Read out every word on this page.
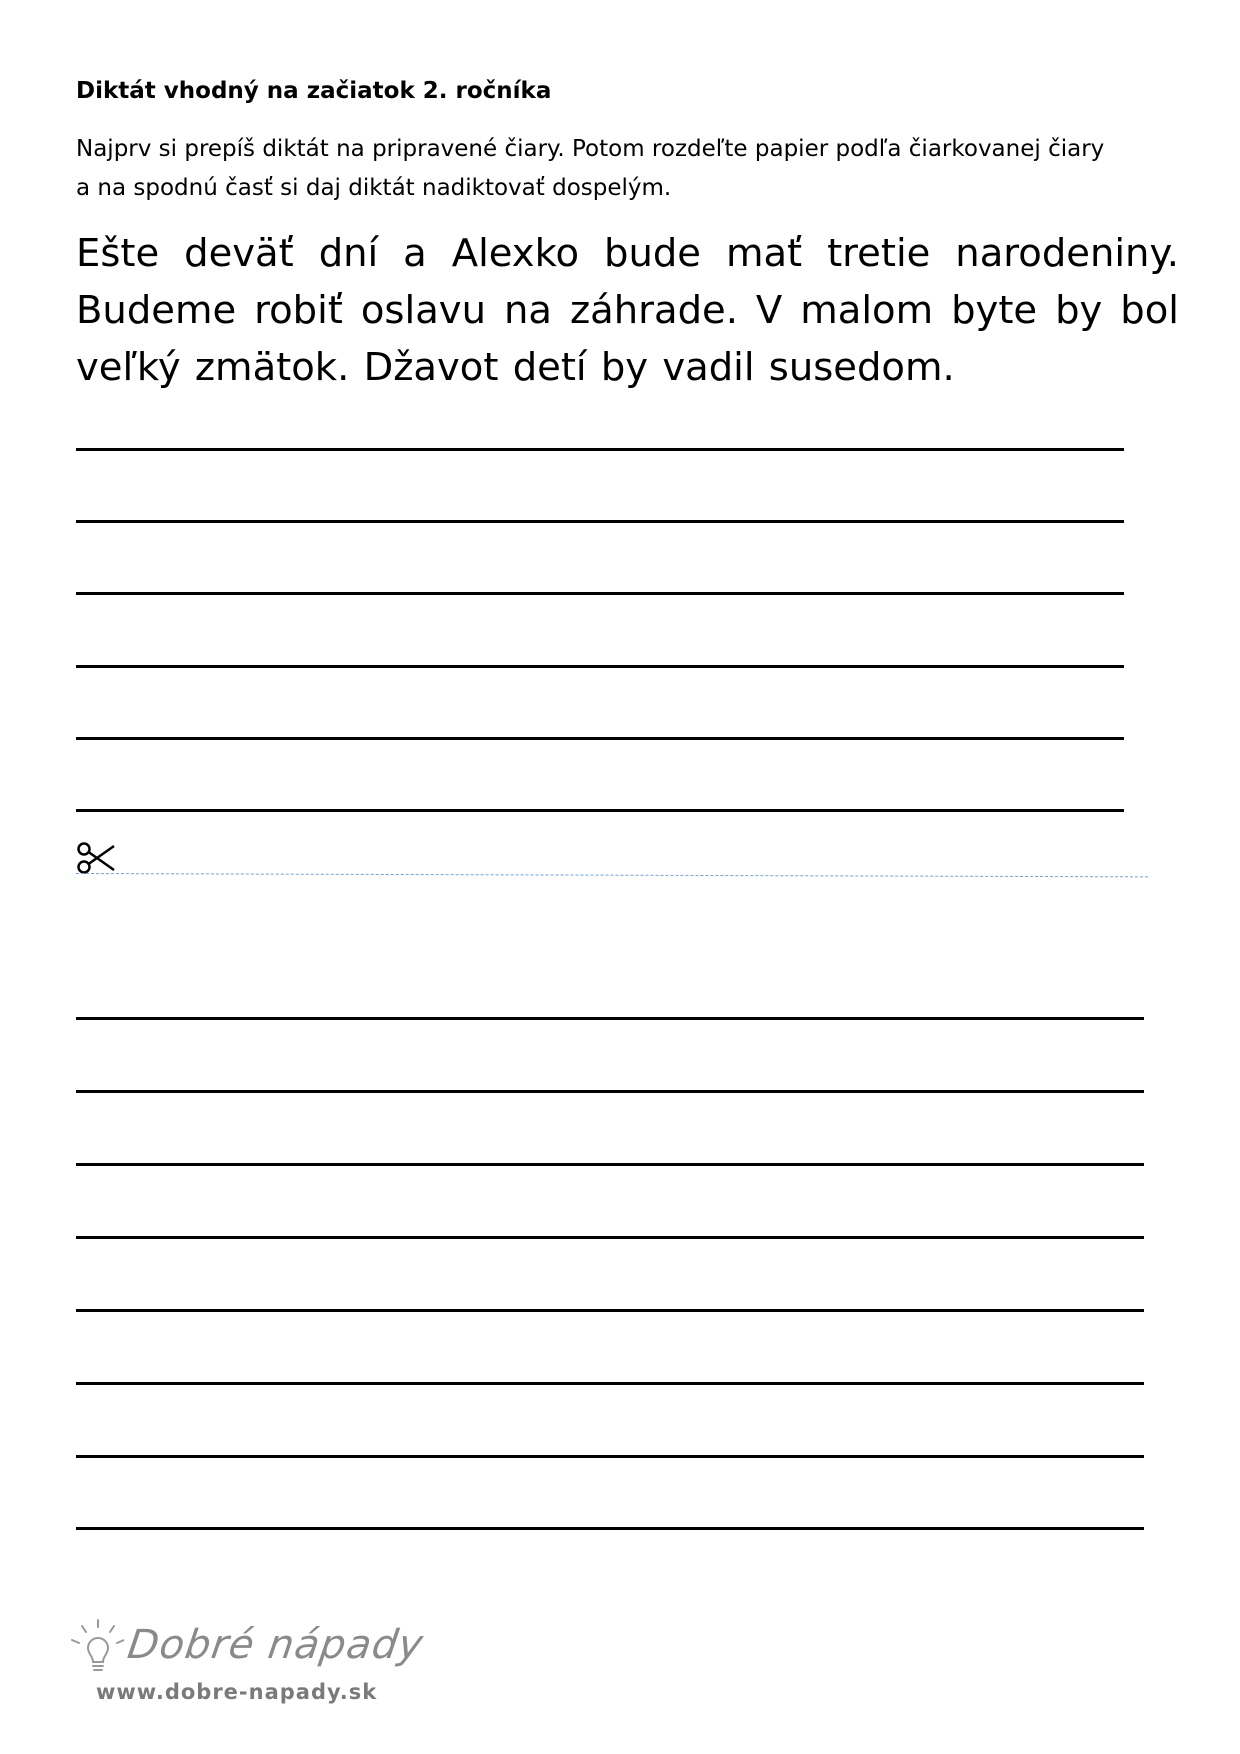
Diktát vhodný na začiatok 2. ročníka
Najprv si prepíš diktát na pripravené čiary. Potom rozdeľte papier podľa čiarkovanej čiary
a na spodnú časť si daj diktát nadiktovať dospelým.
Ešte deväť dní a Alexko bude mať tretie narodeniny. Budeme robiť oslavu na záhrade. V malom byte by bol veľký zmätok. Džavot detí by vadil susedom.
Dobré nápady
www.dobre-napady.sk
